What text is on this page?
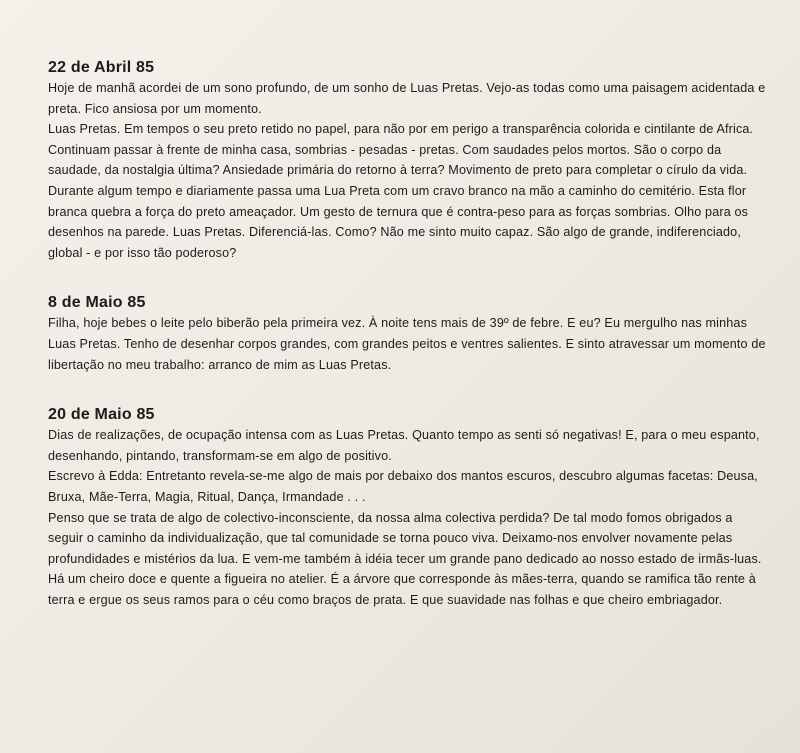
22 de Abril 85

Hoje de manhã acordei de um sono profundo, de um sonho de Luas Pretas. Vejo-as todas como uma paisagem acidentada e preta. Fico ansiosa por um momento.

Luas Pretas. Em tempos o seu preto retido no papel, para não por em perigo a transparência colorida e cintilante de Africa.

Continuam passar à frente de minha casa, sombrias - pesadas - pretas. Com saudades pelos mortos. São o corpo da saudade, da nostalgia última? Ansiedade primária do retorno à terra? Movimento de preto para completar o círulo da vida.

Durante algum tempo e diariamente passa uma Lua Preta com um cravo branco na mão a caminho do cemitério. Esta flor branca quebra a força do preto ameaçador. Um gesto de ternura que é contra-peso para as forças sombrias. Olho para os desenhos na parede. Luas Pretas. Diferenciá-las. Como? Não me sinto muito capaz. São algo de grande, indiferenciado, global - e por isso tão poderoso?

8 de Maio 85

Filha, hoje bebes o leite pelo biberão pela primeira vez. À noite tens mais de 39º de febre. E eu? Eu mergulho nas minhas Luas Pretas. Tenho de desenhar corpos grandes, com grandes peitos e ventres salientes. E sinto atravessar um momento de libertação no meu trabalho: arranco de mim as Luas Pretas.

20 de Maio 85

Dias de realizações, de ocupação intensa com as Luas Pretas. Quanto tempo as senti só negativas! E, para o meu espanto, desenhando, pintando, transformam-se em algo de positivo.

Escrevo à Edda: Entretanto revela-se-me algo de mais por debaixo dos mantos escuros, descubro algumas facetas: Deusa, Bruxa, Mãe-Terra, Magia, Ritual, Dança, Irmandade . . .

Penso que se trata de algo de colectivo-inconsciente, da nossa alma colectiva perdida? De tal modo fomos obrigados a seguir o caminho da individualização, que tal comunidade se torna pouco viva. Deixamo-nos envolver novamente pelas profundidades e mistérios da lua. E vem-me também à idéia tecer um grande pano dedicado ao nosso estado de irmãs-luas.

Há um cheiro doce e quente a figueira no atelier. É a árvore que corresponde às mães-terra, quando se ramifica tão rente à terra e ergue os seus ramos para o céu como braços de prata. E que suavidade nas folhas e que cheiro embriagador.
